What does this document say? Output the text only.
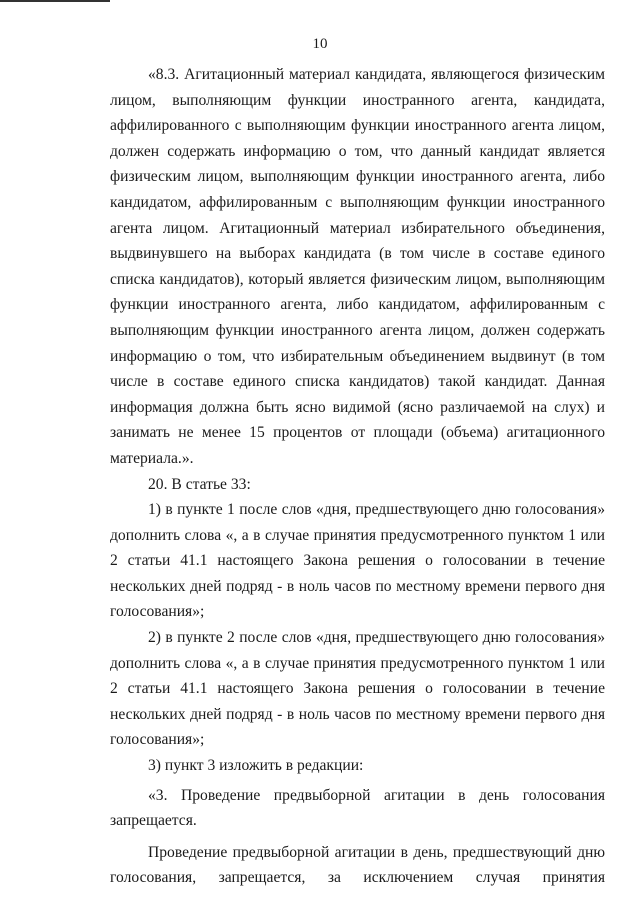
10

«8.3. Агитационный материал кандидата, являющегося физическим лицом, выполняющим функции иностранного агента, кандидата, аффилированного с выполняющим функции иностранного агента лицом, должен содержать информацию о том, что данный кандидат является физическим лицом, выполняющим функции иностранного агента, либо кандидатом, аффилированным с выполняющим функции иностранного агента лицом. Агитационный материал избирательного объединения, выдвинувшего на выборах кандидата (в том числе в составе единого списка кандидатов), который является физическим лицом, выполняющим функции иностранного агента, либо кандидатом, аффилированным с выполняющим функции иностранного агента лицом, должен содержать информацию о том, что избирательным объединением выдвинут (в том числе в составе единого списка кандидатов) такой кандидат. Данная информация должна быть ясно видимой (ясно различаемой на слух) и занимать не менее 15 процентов от площади (объема) агитационного материала.».

20. В статье 33:

1) в пункте 1 после слов «дня, предшествующего дню голосования» дополнить слова «, а в случае принятия предусмотренного пунктом 1 или 2 статьи 41.1 настоящего Закона решения о голосовании в течение нескольких дней подряд - в ноль часов по местному времени первого дня голосования»;

2) в пункте 2 после слов «дня, предшествующего дню голосования» дополнить слова «, а в случае принятия предусмотренного пунктом 1 или 2 статьи 41.1 настоящего Закона решения о голосовании в течение нескольких дней подряд - в ноль часов по местному времени первого дня голосования»;

3) пункт 3 изложить в редакции:

«3. Проведение предвыборной агитации в день голосования запрещается.

Проведение предвыборной агитации в день, предшествующий дню голосования, запрещается, за исключением случая принятия
